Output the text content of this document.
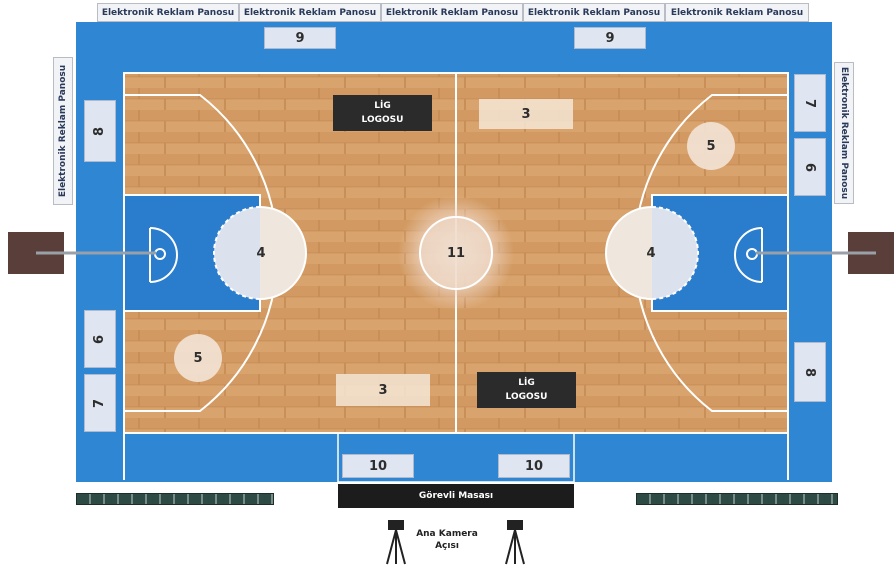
Elektronik Reklam Panosu	Elektronik Reklam Panosu	Elektronik Reklam Panosu	Elektronik Reklam Panosu	Elektronik Reklam Panosu
Elektronik Reklam Panosu	Elektronik Reklam Panosu
9	9
8
6
7
7
6
8
3
3
10	10
LİG
LOGOSU
LİG
LOGOSU
5
5
4	4
11
Görevli Masası
Ana Kamera
Açısı
